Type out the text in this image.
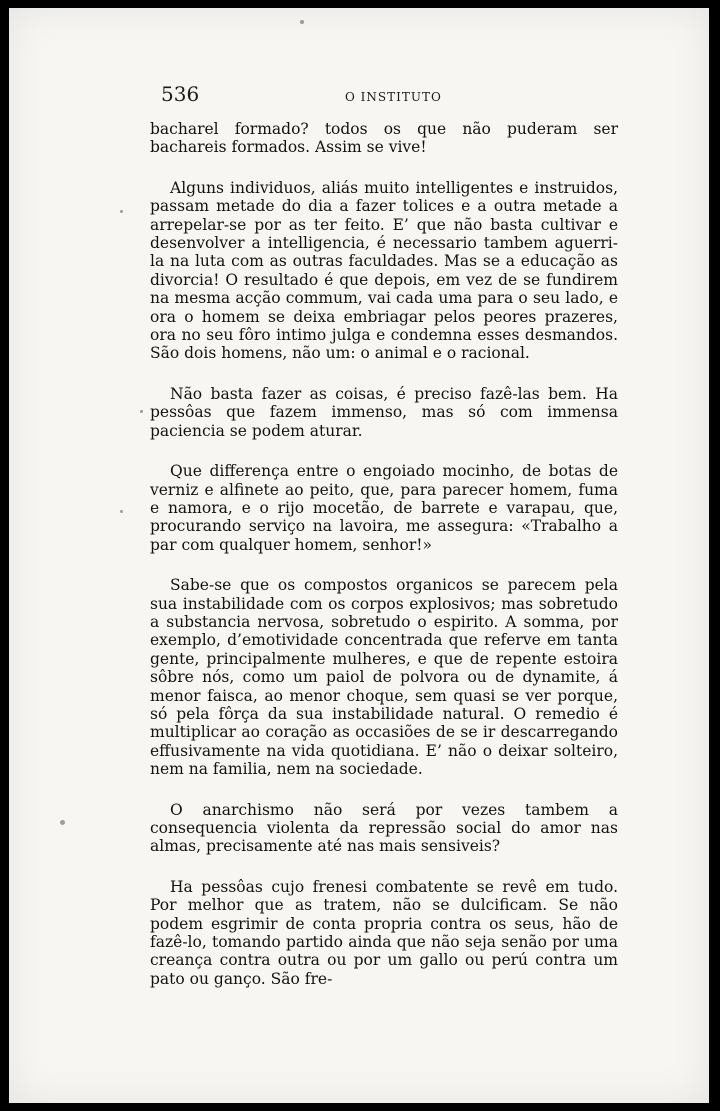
536	O INSTITUTO

bacharel formado? todos os que não puderam ser bachareis formados. Assim se vive!

Alguns individuos, aliás muito intelligentes e instruidos, passam metade do dia a fazer tolices e a outra metade a arrepelar-se por as ter feito. E’ que não basta cultivar e desenvolver a intelligencia, é necessario tambem aguerri-la na luta com as outras faculdades. Mas se a educação as divorcia! O resultado é que depois, em vez de se fundirem na mesma acção commum, vai cada uma para o seu lado, e ora o homem se deixa embriagar pelos peores prazeres, ora no seu fôro intimo julga e condemna esses desmandos. São dois homens, não um: o animal e o racional.

Não basta fazer as coisas, é preciso fazê-las bem. Ha pessôas que fazem immenso, mas só com immensa paciencia se podem aturar.

Que differença entre o engoiado mocinho, de botas de verniz e alfinete ao peito, que, para parecer homem, fuma e namora, e o rijo mocetão, de barrete e varapau, que, procurando serviço na lavoira, me assegura: «Trabalho a par com qualquer homem, senhor!»

Sabe-se que os compostos organicos se parecem pela sua instabilidade com os corpos explosivos; mas sobretudo a substancia nervosa, sobretudo o espirito. A somma, por exemplo, d’emotividade concentrada que referve em tanta gente, principalmente mulheres, e que de repente estoira sôbre nós, como um paiol de polvora ou de dynamite, á menor faisca, ao menor choque, sem quasi se ver porque, só pela fôrça da sua instabilidade natural. O remedio é multiplicar ao coração as occasiões de se ir descarregando effusivamente na vida quotidiana. E’ não o deixar solteiro, nem na familia, nem na sociedade.

O anarchismo não será por vezes tambem a consequencia violenta da repressão social do amor nas almas, precisamente até nas mais sensiveis?

Ha pessôas cujo frenesi combatente se revê em tudo. Por melhor que as tratem, não se dulcificam. Se não podem esgrimir de conta propria contra os seus, hão de fazê-lo, tomando partido ainda que não seja senão por uma creança contra outra ou por um gallo ou perú contra um pato ou ganço. São fre-
